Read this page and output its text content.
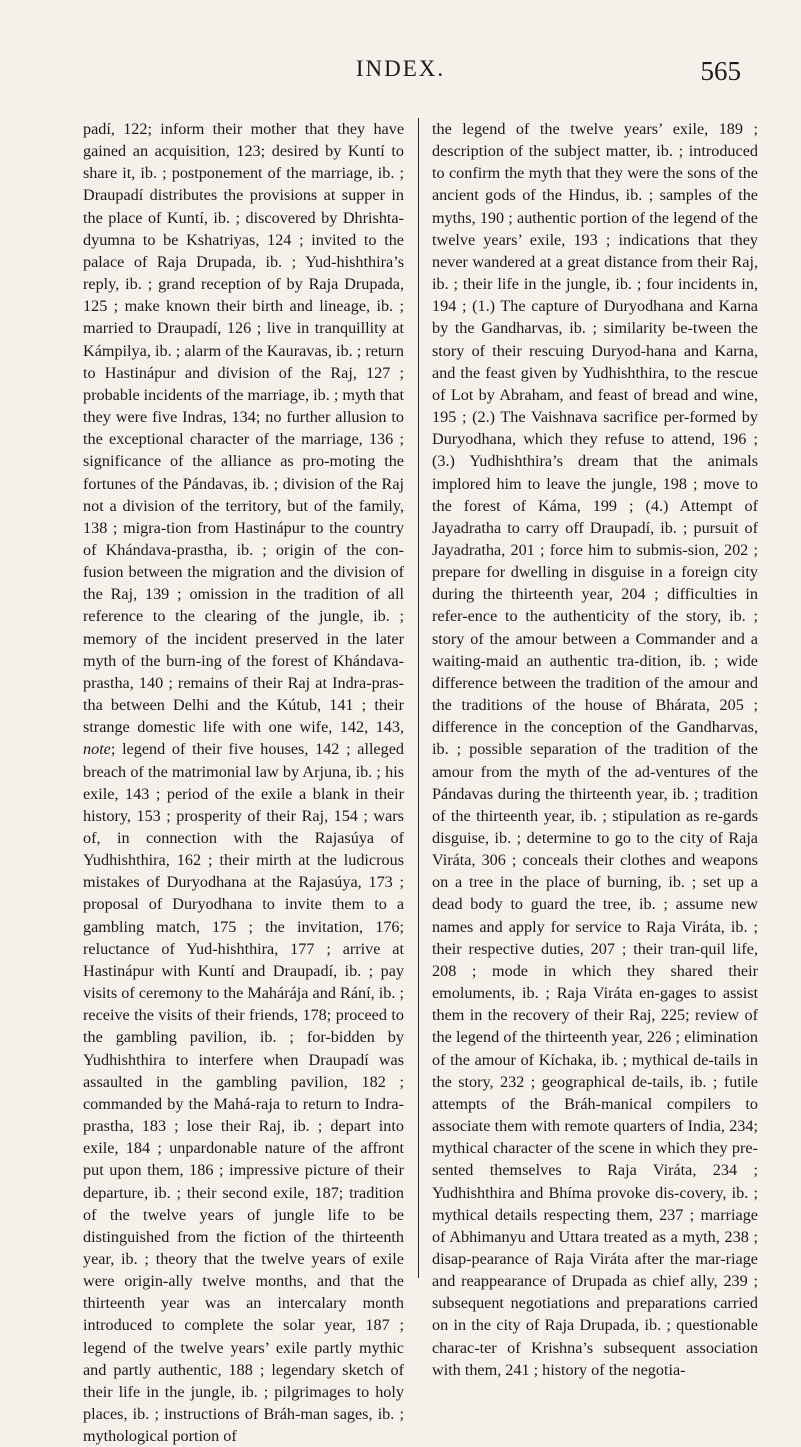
INDEX.	565
padí, 122; inform their mother that they have gained an acquisition, 123; desired by Kuntí to share it, ib. ; postponement of the marriage, ib. ; Draupadí distributes the provisions at supper in the place of Kuntí, ib. ; discovered by Dhrishta-dyumna to be Kshatriyas, 124 ; invited to the palace of Raja Drupada, ib. ; Yud-hishthira’s reply, ib. ; grand reception of by Raja Drupada, 125 ; make known their birth and lineage, ib. ; married to Draupadí, 126 ; live in tranquillity at Kámpilya, ib. ; alarm of the Kauravas, ib. ; return to Hastinápur and division of the Raj, 127 ; probable incidents of the marriage, ib. ; myth that they were five Indras, 134; no further allusion to the exceptional character of the marriage, 136 ; significance of the alliance as pro-moting the fortunes of the Pándavas, ib. ; division of the Raj not a division of the territory, but of the family, 138 ; migra-tion from Hastinápur to the country of Khándava-prastha, ib. ; origin of the con-fusion between the migration and the division of the Raj, 139 ; omission in the tradition of all reference to the clearing of the jungle, ib. ; memory of the incident preserved in the later myth of the burn-ing of the forest of Khándava-prastha, 140 ; remains of their Raj at Indra-pras-tha between Delhi and the Kútub, 141 ; their strange domestic life with one wife, 142, 143, note; legend of their five houses, 142 ; alleged breach of the matrimonial law by Arjuna, ib. ; his exile, 143 ; period of the exile a blank in their history, 153 ; prosperity of their Raj, 154 ; wars of, in connection with the Rajasúya of Yudhishthira, 162 ; their mirth at the ludicrous mistakes of Duryodhana at the Rajasúya, 173 ; proposal of Duryodhana to invite them to a gambling match, 175 ; the invitation, 176; reluctance of Yud-hishthira, 177 ; arrive at Hastinápur with Kuntí and Draupadí, ib. ; pay visits of ceremony to the Mahárája and Rání, ib. ; receive the visits of their friends, 178; proceed to the gambling pavilion, ib. ; for-bidden by Yudhishthira to interfere when Draupadí was assaulted in the gambling pavilion, 182 ; commanded by the Mahá-raja to return to Indra-prastha, 183 ; lose their Raj, ib. ; depart into exile, 184 ; unpardonable nature of the affront put upon them, 186 ; impressive picture of their departure, ib. ; their second exile, 187; tradition of the twelve years of jungle life to be distinguished from the fiction of the thirteenth year, ib. ; theory that the twelve years of exile were origin-ally twelve months, and that the thirteenth year was an intercalary month introduced to complete the solar year, 187 ; legend of the twelve years’ exile partly mythic and partly authentic, 188 ; legendary sketch of their life in the jungle, ib. ; pilgrimages to holy places, ib. ; instructions of Bráh-man sages, ib. ; mythological portion of
the legend of the twelve years’ exile, 189 ; description of the subject matter, ib. ; introduced to confirm the myth that they were the sons of the ancient gods of the Hindus, ib. ; samples of the myths, 190 ; authentic portion of the legend of the twelve years’ exile, 193 ; indications that they never wandered at a great distance from their Raj, ib. ; their life in the jungle, ib. ; four incidents in, 194 ; (1.) The capture of Duryodhana and Karna by the Gandharvas, ib. ; similarity be-tween the story of their rescuing Duryod-hana and Karna, and the feast given by Yudhishthira, to the rescue of Lot by Abraham, and feast of bread and wine, 195 ; (2.) The Vaishnava sacrifice per-formed by Duryodhana, which they refuse to attend, 196 ; (3.) Yudhishthira’s dream that the animals implored him to leave the jungle, 198 ; move to the forest of Káma, 199 ; (4.) Attempt of Jayadratha to carry off Draupadí, ib. ; pursuit of Jayadratha, 201 ; force him to submis-sion, 202 ; prepare for dwelling in disguise in a foreign city during the thirteenth year, 204 ; difficulties in refer-ence to the authenticity of the story, ib. ; story of the amour between a Commander and a waiting-maid an authentic tra-dition, ib. ; wide difference between the tradition of the amour and the traditions of the house of Bhárata, 205 ; difference in the conception of the Gandharvas, ib. ; possible separation of the tradition of the amour from the myth of the ad-ventures of the Pándavas during the thirteenth year, ib. ; tradition of the thirteenth year, ib. ; stipulation as re-gards disguise, ib. ; determine to go to the city of Raja Viráta, 306 ; conceals their clothes and weapons on a tree in the place of burning, ib. ; set up a dead body to guard the tree, ib. ; assume new names and apply for service to Raja Viráta, ib. ; their respective duties, 207 ; their tran-quil life, 208 ; mode in which they shared their emoluments, ib. ; Raja Viráta en-gages to assist them in the recovery of their Raj, 225; review of the legend of the thirteenth year, 226 ; elimination of the amour of Kíchaka, ib. ; mythical de-tails in the story, 232 ; geographical de-tails, ib. ; futile attempts of the Bráh-manical compilers to associate them with remote quarters of India, 234; mythical character of the scene in which they pre-sented themselves to Raja Viráta, 234 ; Yudhishthira and Bhíma provoke dis-covery, ib. ; mythical details respecting them, 237 ; marriage of Abhimanyu and Uttara treated as a myth, 238 ; disap-pearance of Raja Viráta after the mar-riage and reappearance of Drupada as chief ally, 239 ; subsequent negotiations and preparations carried on in the city of Raja Drupada, ib. ; questionable charac-ter of Krishna’s subsequent association with them, 241 ; history of the negotia-
